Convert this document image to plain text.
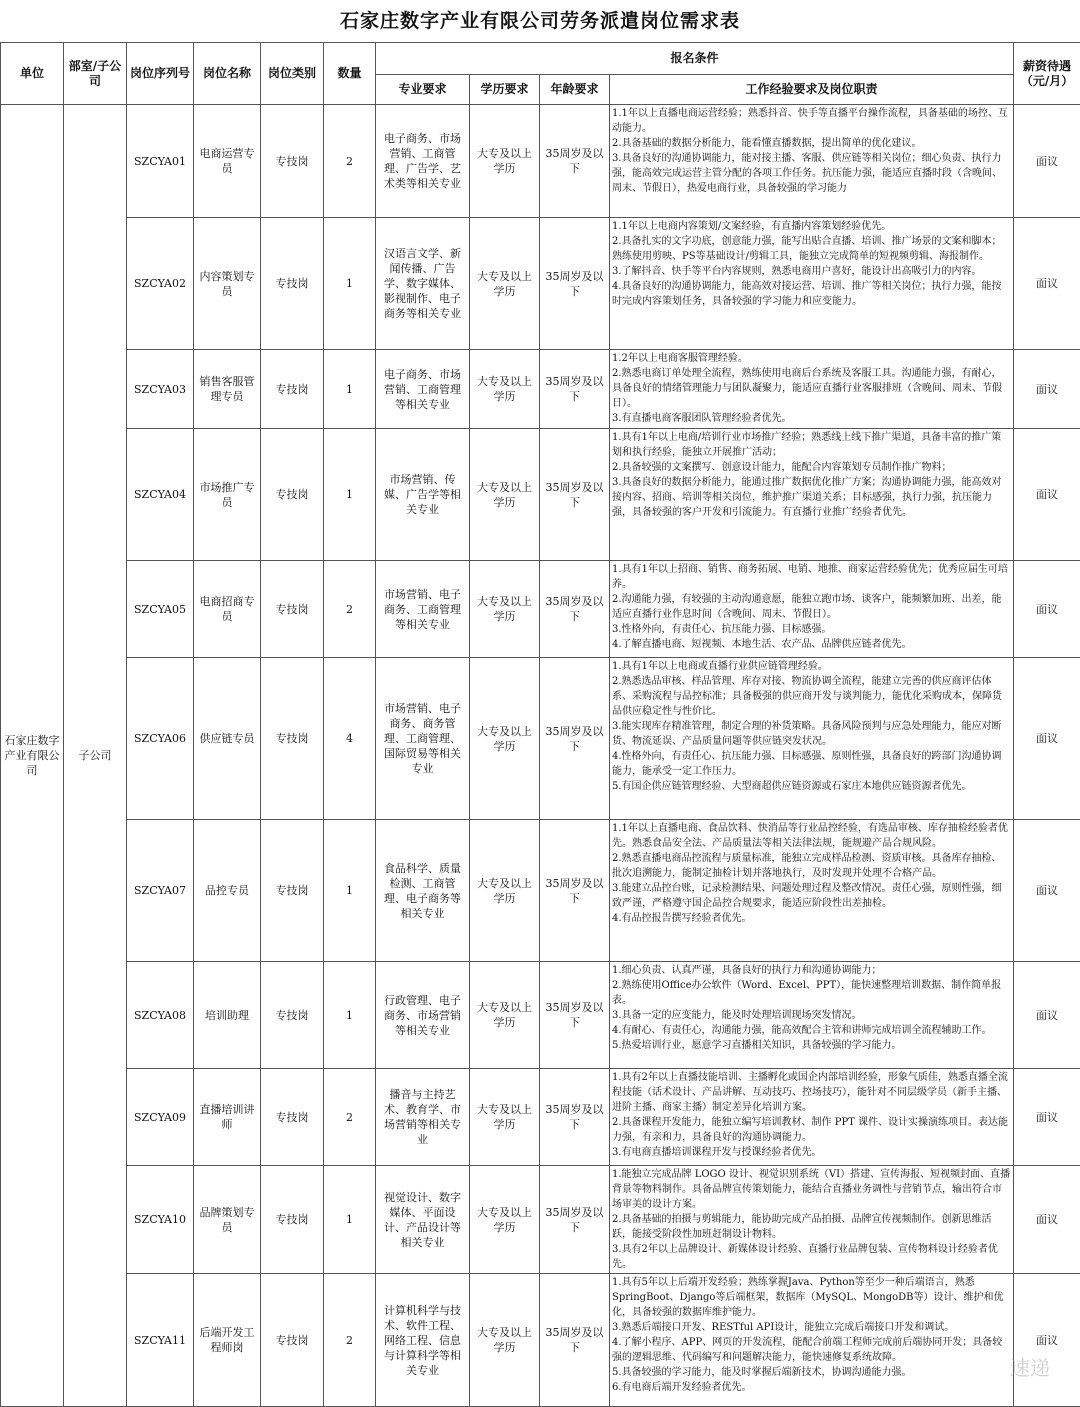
石家庄数字产业有限公司劳务派遣岗位需求表
单位	部室/子公司	岗位序列号	岗位名称	岗位类别	数量	报名条件				薪资待遇（元/月）
						专业要求	学历要求	年龄要求	工作经验要求及岗位职责	
石家庄数字产业有限公司	子公司	SZCYA01	电商运营专员	专技岗	2	电子商务、市场营销、工商管理、广告学、艺术类等相关专业	大专及以上学历	35周岁及以下	1.1年以上直播电商运营经验；熟悉抖音、快手等直播平台操作流程，具备基础的场控、互动能力。
2.具备基础的数据分析能力，能看懂直播数据，提出简单的优化建议。
3.具备良好的沟通协调能力，能对接主播、客服、供应链等相关岗位；细心负责、执行力强，能高效完成运营主管分配的各项工作任务。抗压能力强，能适应直播时段（含晚间、周末、节假日），热爱电商行业，具备较强的学习能力	面议
		SZCYA02	内容策划专员	专技岗	1	汉语言文学、新闻传播、广告学、数字媒体、影视制作、电子商务等相关专业	大专及以上学历	35周岁及以下	1.1年以上电商内容策划/文案经验，有直播内容策划经验优先。
2.具备扎实的文字功底，创意能力强，能写出贴合直播、培训、推广场景的文案和脚本；熟练使用剪映、PS等基础设计/剪辑工具，能独立完成简单的短视频剪辑、海报制作。
3.了解抖音、快手等平台内容规则，熟悉电商用户喜好，能设计出高吸引力的内容。
4.具备良好的沟通协调能力，能高效对接运营、培训、推广等相关岗位；执行力强，能按时完成内容策划任务，具备较强的学习能力和应变能力。	面议
		SZCYA03	销售客服管理专员	专技岗	1	电子商务、市场营销、工商管理等相关专业	大专及以上学历	35周岁及以下	1.2年以上电商客服管理经验。
2.熟悉电商订单处理全流程，熟练使用电商后台系统及客服工具。沟通能力强，有耐心，具备良好的情绪管理能力与团队凝聚力，能适应直播行业客服排班（含晚间、周末、节假日）。
3.有直播电商客服团队管理经验者优先。	面议
		SZCYA04	市场推广专员	专技岗	1	市场营销、传媒、广告学等相关专业	大专及以上学历	35周岁及以下	1.具有1年以上电商/培训行业市场推广经验；熟悉线上线下推广渠道，具备丰富的推广策划和执行经验，能独立开展推广活动；
2.具备较强的文案撰写、创意设计能力，能配合内容策划专员制作推广物料；
3.具备良好的数据分析能力，能通过推广数据优化推广方案；沟通协调能力强，能高效对接内容、招商、培训等相关岗位，维护推广渠道关系；目标感强，执行力强，抗压能力强，具备较强的客户开发和引流能力。有直播行业推广经验者优先。	面议
		SZCYA05	电商招商专员	专技岗	2	市场营销、电子商务、工商管理等相关专业	大专及以上学历	35周岁及以下	1.具有1年以上招商、销售、商务拓展、电销、地推、商家运营经验优先；优秀应届生可培养。
2.沟通能力强，有较强的主动沟通意愿，能独立跑市场、谈客户，能频繁加班、出差，能适应直播行业作息时间（含晚间、周末、节假日）。
3.性格外向，有责任心、抗压能力强、目标感强。
4.了解直播电商、短视频、本地生活、农产品、品牌供应链者优先。	面议
		SZCYA06	供应链专员	专技岗	4	市场营销、电子商务、商务管理、工商管理、国际贸易等相关专业	大专及以上学历	35周岁及以下	1.具有1年以上电商或直播行业供应链管理经验。
2.熟悉选品审核、样品管理、库存对接、物流协调全流程，能建立完善的供应商评估体系、采购流程与品控标准；具备极强的供应商开发与谈判能力，能优化采购成本，保障货品供应稳定性与性价比。
3.能实现库存精准管理，制定合理的补货策略。具备风险预判与应急处理能力，能应对断货、物流延误、产品质量问题等供应链突发状况。
4.性格外向，有责任心、抗压能力强、目标感强、原则性强，具备良好的跨部门沟通协调能力，能承受一定工作压力。
5.有国企供应链管理经验、大型商超供应链资源或石家庄本地供应链资源者优先。	面议
		SZCYA07	品控专员	专技岗	1	食品科学、质量检测、工商管理、电子商务等相关专业	大专及以上学历	35周岁及以下	1.1年以上直播电商、食品饮料、快消品等行业品控经验，有选品审核、库存抽检经验者优先。熟悉食品安全法、产品质量法等相关法律法规，能规避产品合规风险。
2.熟悉直播电商品控流程与质量标准，能独立完成样品检测、资质审核。具备库存抽检、批次追溯能力，能制定抽检计划并落地执行，及时发现并处理不合格产品。
3.能建立品控台账，记录检测结果、问题处理过程及整改情况。责任心强，原则性强，细致严谨，严格遵守国企品控合规要求，能适应阶段性出差抽检。
4.有品控报告撰写经验者优先。	面议
		SZCYA08	培训助理	专技岗	1	行政管理、电子商务、市场营销等相关专业	大专及以上学历	35周岁及以下	1.细心负责、认真严谨，具备良好的执行力和沟通协调能力；
2.熟练使用Office办公软件（Word、Excel、PPT），能快速整理培训数据、制作简单报表。
3.具备一定的应变能力，能及时处理培训现场突发情况。
4.有耐心、有责任心，沟通能力强，能高效配合主管和讲师完成培训全流程辅助工作。
5.热爱培训行业，愿意学习直播相关知识，具备较强的学习能力。	面议
		SZCYA09	直播培训讲师	专技岗	2	播音与主持艺术、教育学、市场营销等相关专业	大专及以上学历	35周岁及以下	1.具有2年以上直播技能培训、主播孵化或国企内部培训经验，形象气质佳，熟悉直播全流程技能（话术设计、产品讲解、互动技巧、控场技巧），能针对不同层级学员（新手主播、进阶主播、商家主播）制定差异化培训方案。
2.具备课程开发能力，能独立编写培训教材、制作 PPT 课件、设计实操演练项目。表达能力强，有亲和力，具备良好的沟通协调能力。
3.有电商直播培训课程开发与授课经验者优先。	面议
		SZCYA10	品牌策划专员	专技岗	1	视觉设计、数字媒体、平面设计、产品设计等相关专业	大专及以上学历	35周岁及以下	1.能独立完成品牌 LOGO 设计、视觉识别系统（VI）搭建、宣传海报、短视频封面、直播背景等物料制作。具备品牌宣传策划能力，能结合直播业务调性与营销节点，输出符合市场审美的设计方案。
2.具备基础的拍摄与剪辑能力，能协助完成产品拍摄、品牌宣传视频制作。创新思维活跃，能接受阶段性加班赶制设计物料。
3.具有2年以上品牌设计、新媒体设计经验、直播行业品牌包装、宣传物料设计经验者优先。	面议
		SZCYA11	后端开发工程师岗	专技岗	2	计算机科学与技术、软件工程、网络工程、信息与计算科学等相关专业	大专及以上学历	35周岁及以下	1.具有5年以上后端开发经验；熟练掌握Java、Python等至少一种后端语言，熟悉SpringBoot、Django等后端框架，数据库（MySQL、MongoDB等）设计、维护和优化，具备较强的数据库维护能力。
3.熟悉后端接口开发、RESTful API设计，能独立完成后端接口开发和调试。
4.了解小程序、APP、网页的开发流程，能配合前端工程师完成前后端协同开发；具备较强的逻辑思维、代码编写和问题解决能力，能快速修复系统故障。
5.具备较强的学习能力，能及时掌握后端新技术，协调沟通能力强。
6.有电商后端开发经验者优先。	面议
速递
